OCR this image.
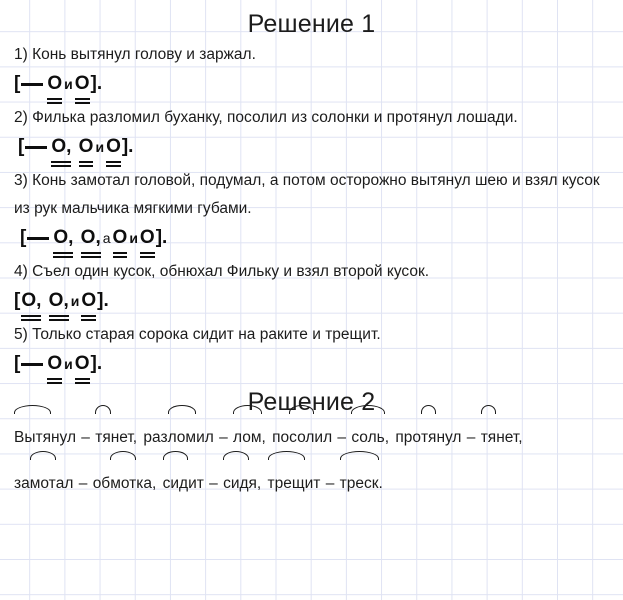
Решение 1
1) Конь вытянул голову и заржал.
[ О и О].
2) Филька разломил буханку, посолил из солонки и протянул лошади.
[ О, О и О].
3) Конь замотал головой, подумал, а потом осторожно вытянул шею и взял кусок из рук мальчика мягкими губами.
[ О, О, а О и О].
4) Съел один кусок, обнюхал Фильку и взял второй кусок.
[О, О, и О].
5) Только старая сорока сидит на раките и трещит.
[ О и О].
Решение 2
Вытянул –
тянет, раз
ломил –
лом, по
солил –
соль, про
тянул –
тянет,
за
мотал – об
мотка, сидит –
сидя, трещит –
треск.
